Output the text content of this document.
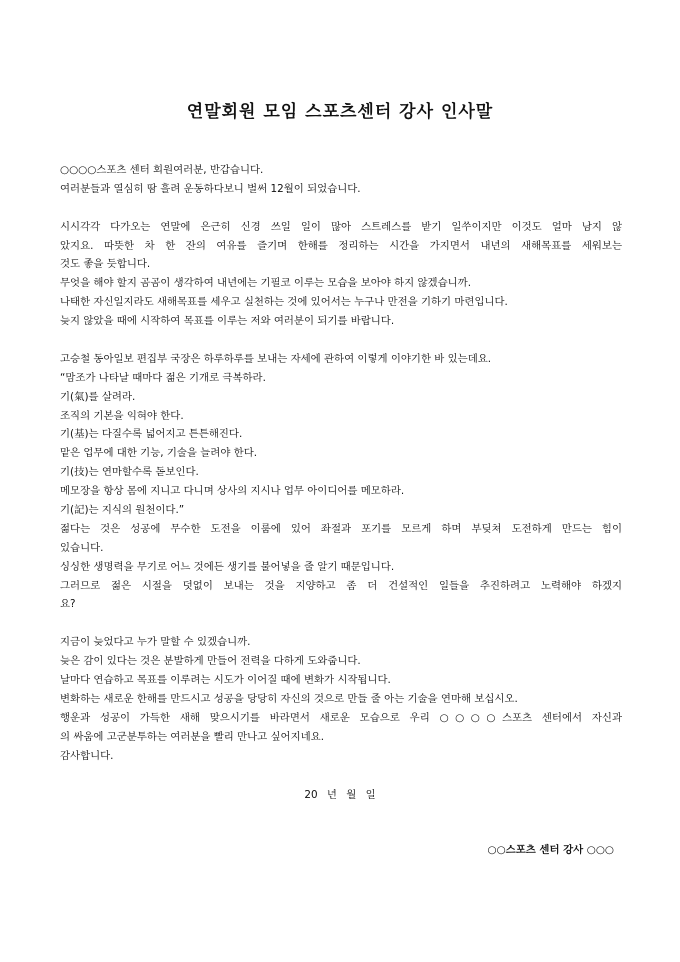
연말회원 모임 스포츠센터 강사 인사말
○○○○스포츠 센터 회원여러분, 반갑습니다.
여러분들과 열심히 땀 흘려 운동하다보니 벌써 12월이 되었습니다.
시시각각 다가오는 연말에 은근히 신경 쓰일 일이 많아 스트레스를 받기 일쑤이지만 이것도 얼마 남지 않
았지요. 따뜻한 차 한 잔의 여유를 즐기며 한해를 정리하는 시간을 가지면서 내년의 새해목표를 세워보는
것도 좋을 듯합니다.
무엇을 해야 할지 곰곰이 생각하여 내년에는 기필코 이루는 모습을 보아야 하지 않겠습니까.
나태한 자신일지라도 새해목표를 세우고 실천하는 것에 있어서는 누구나 만전을 기하기 마련입니다.
늦지 않았을 때에 시작하여 목표를 이루는 저와 여러분이 되기를 바랍니다.
고승철 동아일보 편집부 국장은 하루하루를 보내는 자세에 관하여 이렇게 이야기한 바 있는데요.
“맘조가 나타날 때마다 젊은 기개로 극복하라.
기(氣)를 살려라.
조직의 기본을 익혀야 한다.
기(基)는 다질수록 넓어지고 튼튼해진다.
맡은 업무에 대한 기능, 기술을 늘려야 한다.
기(技)는 연마할수록 돋보인다.
메모장을 항상 몸에 지니고 다니며 상사의 지시나 업무 아이디어를 메모하라.
기(記)는 지식의 원천이다.”
젊다는 것은 성공에 무수한 도전을 이룸에 있어 좌절과 포기를 모르게 하며 부딪쳐 도전하게 만드는 힘이
있습니다.
싱싱한 생명력을 무기로 어느 것에든 생기를 불어넣을 줄 알기 때문입니다.
그러므로 젊은 시절을 덧없이 보내는 것을 지양하고 좀 더 건설적인 일들을 추진하려고 노력해야 하겠지
요?
지금이 늦었다고 누가 말할 수 있겠습니까.
늦은 감이 있다는 것은 분발하게 만들어 전력을 다하게 도와줍니다.
날마다 연습하고 목표를 이루려는 시도가 이어질 때에 변화가 시작됩니다.
변화하는 새로운 한해를 만드시고 성공을 당당히 자신의 것으로 만들 줄 아는 기술을 연마해 보십시오.
행운과 성공이 가득한 새해 맞으시기를 바라면서 새로운 모습으로 우리 ○○○○스포츠 센터에서 자신과
의 싸움에 고군분투하는 여러분을 빨리 만나고 싶어지네요.
감사합니다.
20 년 월 일
○○스포츠 센터 강사 ○○○
